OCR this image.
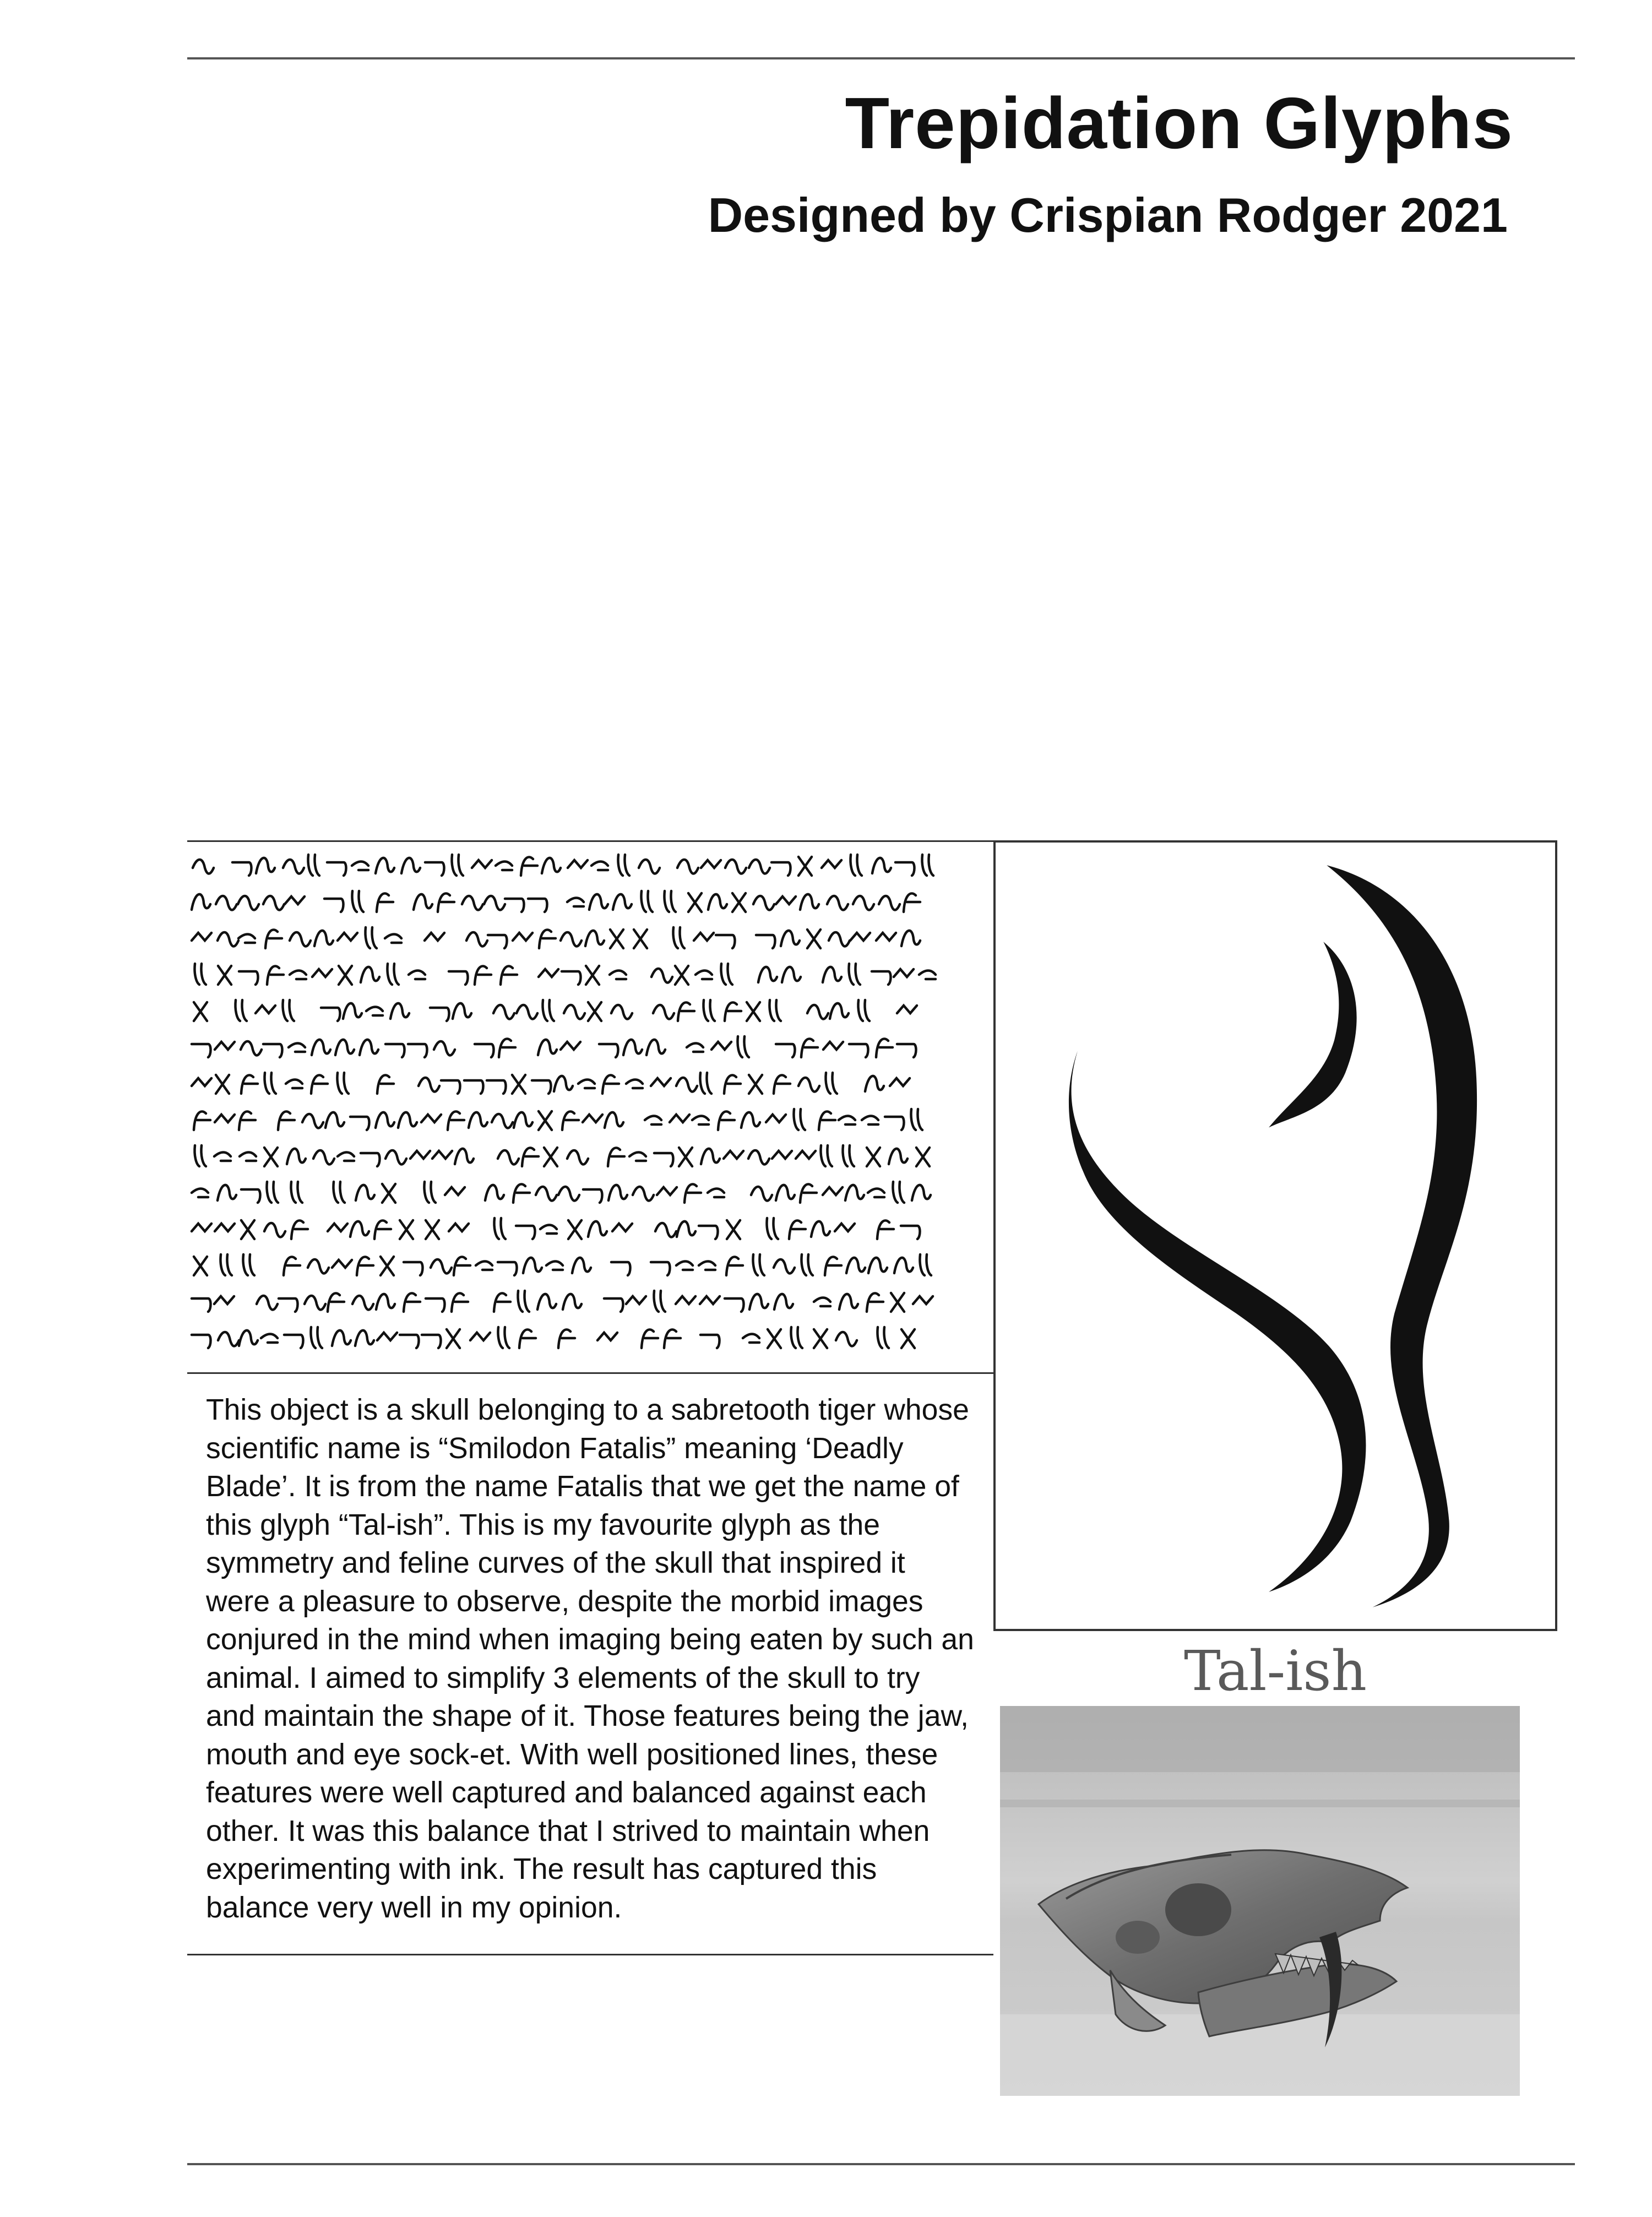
Trepidation Glyphs
Designed by Crispian Rodger 2021

This object is a skull belonging to a sabretooth tiger whose scientific name is “Smilodon Fatalis” meaning ‘Deadly Blade’. It is from the name Fatalis that we get the name of this glyph “Tal-ish”. This is my favourite glyph as the symmetry and feline curves of the skull that inspired it were a pleasure to observe, despite the morbid images conjured in the mind when imaging being eaten by such an animal. I aimed to simplify 3 elements of the skull to try and maintain the shape of it. Those features being the jaw, mouth and eye sock-et. With well positioned lines, these features were well captured and balanced against each other. It was this balance that I strived to maintain when experimenting with ink. The result has captured this balance very well in my opinion.

Tal-ish
